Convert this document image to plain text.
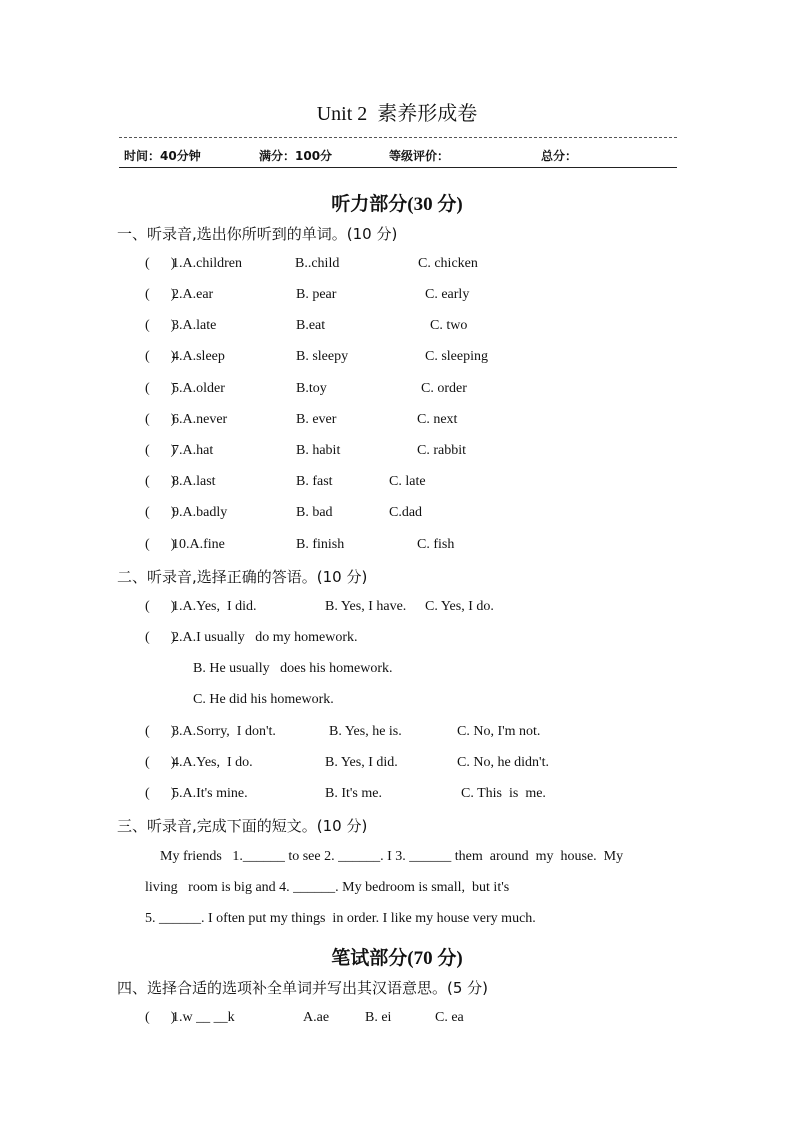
Unit 2  素养形成卷
时间：40分钟	满分：100分	等级评价：	总分：
听力部分(30 分)
一、听录音,选出你所听到的单词。(10 分)
(      )
1.A.children	B..child	C. chicken
(      )
2.A.ear	B. pear	C. early
(      )
3.A.late	B.eat	C. two
(      )
4.A.sleep	B. sleepy	C. sleeping
(      )
5.A.older	B.toy	C. order
(      )
6.A.never	B. ever	C. next
(      )
7.A.hat	B. habit	C. rabbit
(      )
8.A.last	B. fast	C. late
(      )
9.A.badly	B. bad	C.dad
(      )
10.A.fine	B. finish	C. fish
二、听录音,选择正确的答语。(10 分)
(      )
1.A.Yes,  I did.	B. Yes, I have. C. Yes, I do.
(      )
2.A.I usually   do my homework.
B. He usually   does his homework.
C. He did his homework.
(      )
3.A.Sorry,  I don't.	B. Yes, he is.	C. No, I'm not.
(      )
4.A.Yes,  I do.	B. Yes, I did.	C. No, he didn't.
(      )
5.A.It's mine.	B. It's me.	C. This  is  me.
三、听录音,完成下面的短文。(10 分)
My friends   1.______ to see 2. ______. I 3. ______ them  around  my  house.  My
living   room is big and 4. ______. My bedroom is small,  but it's
5. ______. I often put my things  in order. I like my house very much.
笔试部分(70 分)
四、选择合适的选项补全单词并写出其汉语意思。(5 分)
(      )
1.w __ __k	A.ae	B. ei	C. ea
